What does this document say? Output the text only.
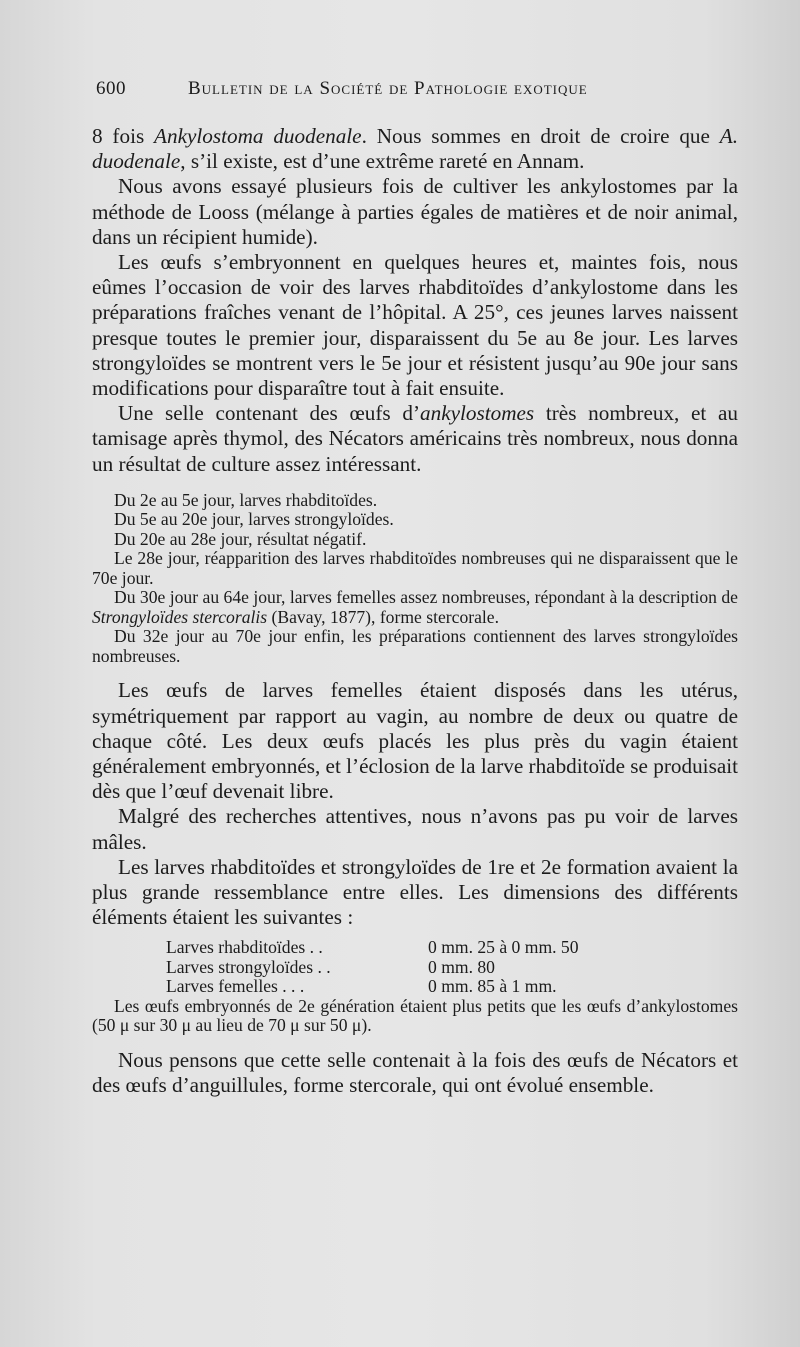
600	Bulletin de la Société de Pathologie exotique

8 fois Ankylostoma duodenale. Nous sommes en droit de croire que A. duodenale, s’il existe, est d’une extrême rareté en Annam.

Nous avons essayé plusieurs fois de cultiver les ankylostomes par la méthode de Looss (mélange à parties égales de matières et de noir animal, dans un récipient humide).

Les œufs s’embryonnent en quelques heures et, maintes fois, nous eûmes l’occasion de voir des larves rhabditoïdes d’ankylostome dans les préparations fraîches venant de l’hôpital. A 25°, ces jeunes larves naissent presque toutes le premier jour, disparaissent du 5e au 8e jour. Les larves strongyloïdes se montrent vers le 5e jour et résistent jusqu’au 90e jour sans modifications pour disparaître tout à fait ensuite.

Une selle contenant des œufs d’ankylostomes très nombreux, et au tamisage après thymol, des Nécators américains très nombreux, nous donna un résultat de culture assez intéressant.

Du 2e au 5e jour, larves rhabditoïdes.

Du 5e au 20e jour, larves strongyloïdes.

Du 20e au 28e jour, résultat négatif.

Le 28e jour, réapparition des larves rhabditoïdes nombreuses qui ne disparaissent que le 70e jour.

Du 30e jour au 64e jour, larves femelles assez nombreuses, répondant à la description de Strongyloïdes stercoralis (Bavay, 1877), forme stercorale.

Du 32e jour au 70e jour enfin, les préparations contiennent des larves strongyloïdes nombreuses.

Les œufs de larves femelles étaient disposés dans les utérus, symétriquement par rapport au vagin, au nombre de deux ou quatre de chaque côté. Les deux œufs placés les plus près du vagin étaient généralement embryonnés, et l’éclosion de la larve rhabditoïde se produisait dès que l’œuf devenait libre.

Malgré des recherches attentives, nous n’avons pas pu voir de larves mâles.

Les larves rhabditoïdes et strongyloïdes de 1re et 2e formation avaient la plus grande ressemblance entre elles. Les dimensions des différents éléments étaient les suivantes :

Larves rhabditoïdes . .	0 mm. 25 à 0 mm. 50
Larves strongyloïdes . .	0 mm. 80
Larves femelles . . .	0 mm. 85 à 1 mm.

Les œufs embryonnés de 2e génération étaient plus petits que les œufs d’ankylostomes (50 μ sur 30 μ au lieu de 70 μ sur 50 μ).

Nous pensons que cette selle contenait à la fois des œufs de Nécators et des œufs d’anguillules, forme stercorale, qui ont évolué ensemble.
